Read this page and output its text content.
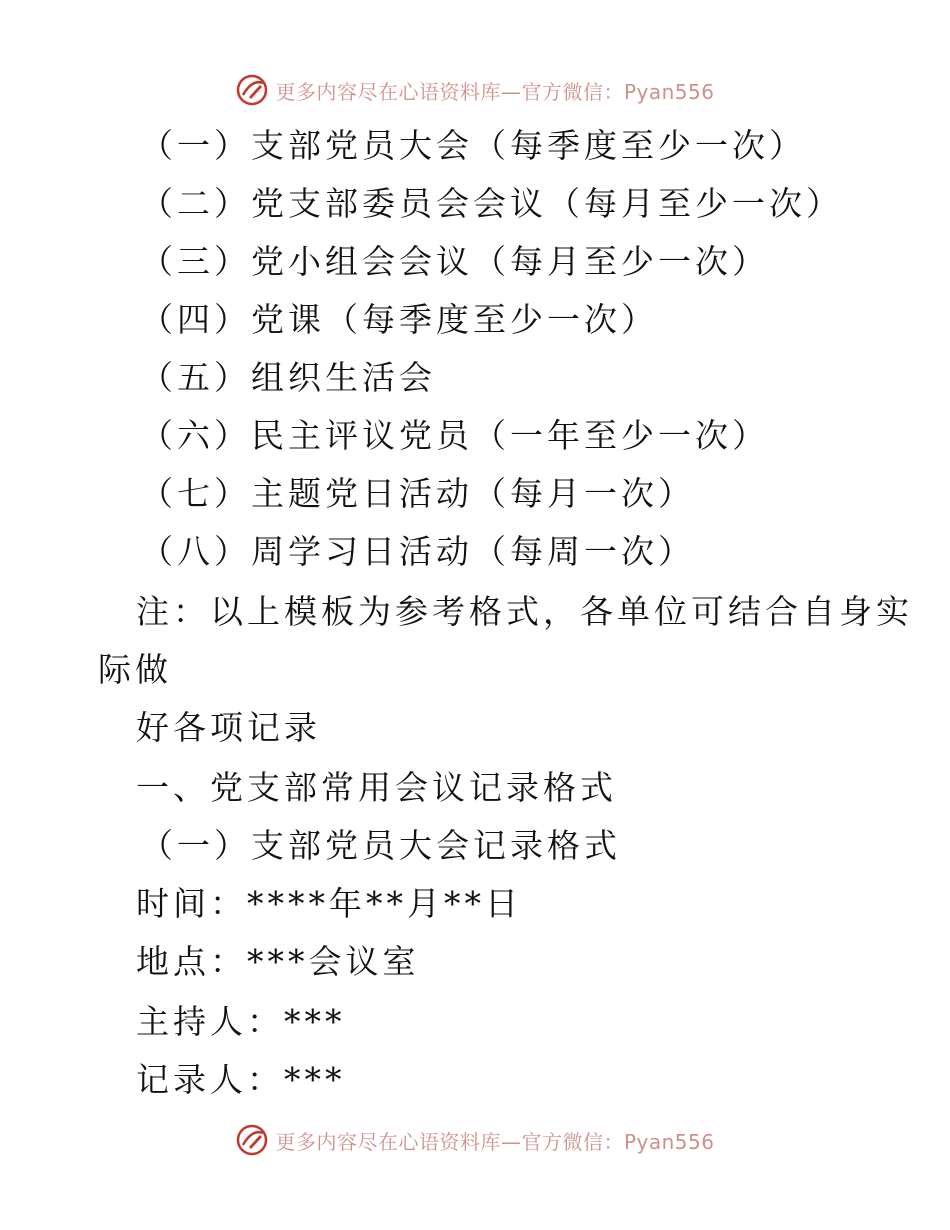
更多内容尽在心语资料库—官方微信：Pyan556
（一）支部党员大会（每季度至少一次）
（二）党支部委员会会议（每月至少一次）
（三）党小组会会议（每月至少一次）
（四）党课（每季度至少一次）
（五）组织生活会
（六）民主评议党员（一年至少一次）
（七）主题党日活动（每月一次）
（八）周学习日活动（每周一次）
注：以上模板为参考格式，各单位可结合自身实
际做
好各项记录
一、党支部常用会议记录格式
（一）支部党员大会记录格式
时间：****年**月**日
地点：***会议室
主持人：***
记录人：***
更多内容尽在心语资料库—官方微信：Pyan556
